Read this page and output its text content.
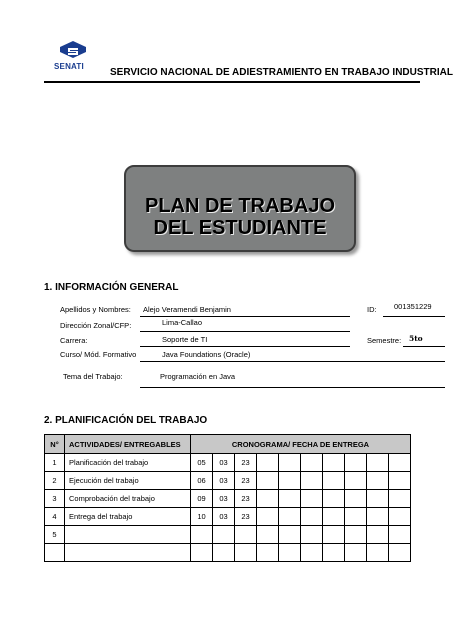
SENATI
SERVICIO NACIONAL DE ADIESTRAMIENTO EN TRABAJO INDUSTRIAL
PLAN DE TRABAJO
DEL ESTUDIANTE
1. INFORMACIÓN GENERAL
Apellidos y Nombres: Alejo Veramendi Benjamin	ID: 001351229
Dirección Zonal/CFP:	Lima-Callao
Carrera:	Soporte de TI	Semestre: 5to
Curso/ Mód. Formativo	Java Foundations (Oracle)
Tema del Trabajo:	Programación en Java
2. PLANIFICACIÓN DEL TRABAJO
N°	ACTIVIDADES/ ENTREGABLES	CRONOGRAMA/ FECHA DE ENTREGA									
1	Planificación del trabajo	05	03	23							
2	Ejecución del trabajo	06	03	23							
3	Comprobación del trabajo	09	03	23							
4	Entrega del trabajo	10	03	23							
5											
